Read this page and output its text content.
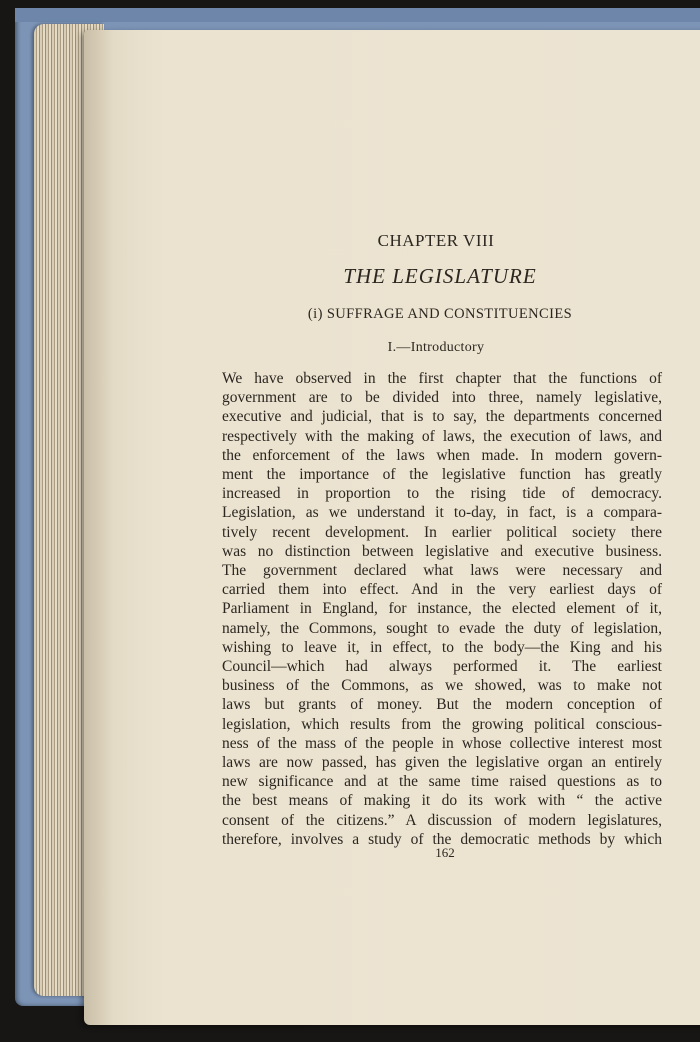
CHAPTER VIII
THE LEGISLATURE
(i) SUFFRAGE AND CONSTITUENCIES
I.—Introductory
We have observed in the first chapter that the functions of
government are to be divided into three, namely legislative,
executive and judicial, that is to say, the departments concerned
respectively with the making of laws, the execution of laws, and
the enforcement of the laws when made. In modern govern-
ment the importance of the legislative function has greatly
increased in proportion to the rising tide of democracy.
Legislation, as we understand it to-day, in fact, is a compara-
tively recent development. In earlier political society there
was no distinction between legislative and executive business.
The government declared what laws were necessary and
carried them into effect. And in the very earliest days of
Parliament in England, for instance, the elected element of it,
namely, the Commons, sought to evade the duty of legislation,
wishing to leave it, in effect, to the body—the King and his
Council—which had always performed it. The earliest
business of the Commons, as we showed, was to make not
laws but grants of money. But the modern conception of
legislation, which results from the growing political conscious-
ness of the mass of the people in whose collective interest most
laws are now passed, has given the legislative organ an entirely
new significance and at the same time raised questions as to
the best means of making it do its work with “ the active
consent of the citizens.” A discussion of modern legislatures,
therefore, involves a study of the democratic methods by which
162
